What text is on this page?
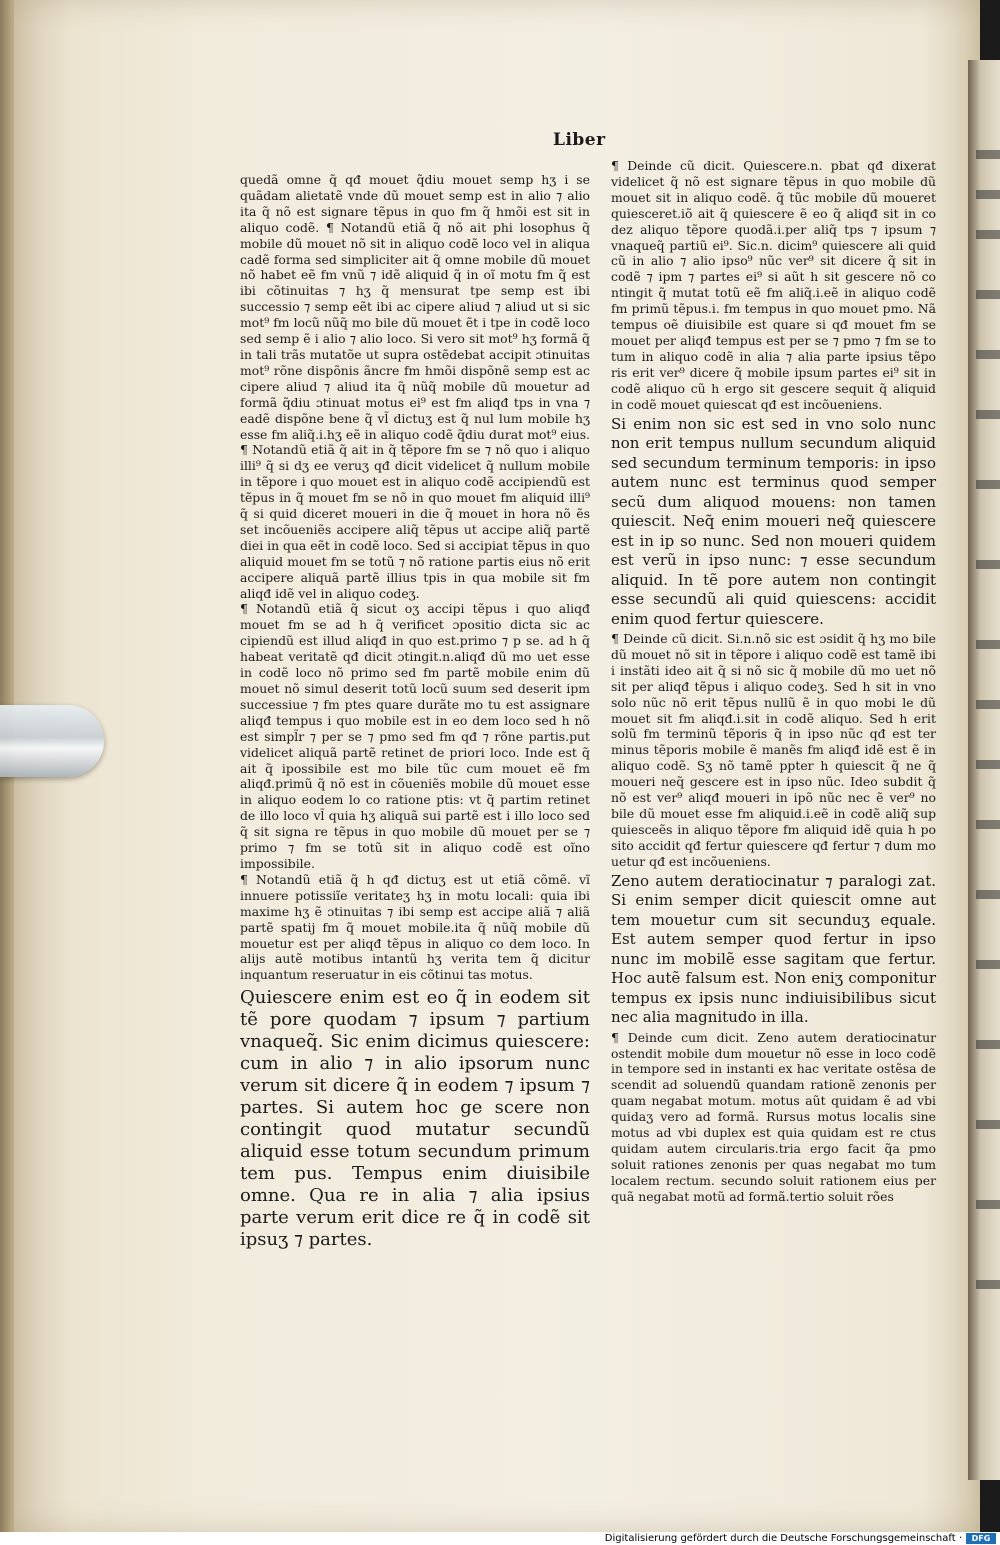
Liber

quedã omne q̃ qđ mouet q̃diu mouet semp hʒ i se quãdam alietatẽ vnde dũ mouet semp est in alio ⁊ alio ita q̃ nõ est signare tẽpus in quo fm q̃ hmõi est sit in aliquo codẽ. ¶ Notandũ etiã q̃ nõ ait phi losophus q̃ mobile dũ mouet nõ sit in aliquo codẽ loco vel in aliqua cadẽ forma sed simpliciter ait q̃ omne mobile dũ mouet nõ habet eẽ fm vnũ ⁊ idẽ aliquid q̃ in oĩ motu fm q̃ est ibi cõtinuitas ⁊ hʒ q̃ mensurat tpe semp est ibi successio ⁊ semp eẽt ibi ac cipere aliud ⁊ aliud ut si sic mot⁹ fm locũ nũq̃ mo bile dũ mouet ẽt i tpe in codẽ loco sed semp ẽ i alio ⁊ alio loco. Si vero sit mot⁹ hʒ formã q̃ in tali trãs mutatõe ut supra ostẽdebat accipit ɔtinuitas mot⁹ rõne dispõnis ãncre fm hmõi dispõnẽ semp est ac cipere aliud ⁊ aliud ita q̃ nũq̃ mobile dũ mouetur ad formã q̃diu ɔtinuat motus ei⁹ est fm aliqđ tps in vna ⁊ eadẽ dispõne bene q̃ vl̃ dictuʒ est q̃ nul lum mobile hʒ esse fm aliq̃.i.hʒ eẽ in aliquo codẽ q̃diu durat mot⁹ eius. ¶ Notandũ etiã q̃ ait in q̃ tẽpore fm se ⁊ nõ quo i aliquo illi⁹ q̃ si dʒ ee veruʒ qđ dicit videlicet q̃ nullum mobile in tẽpore i quo mouet est in aliquo codẽ accipiendũ est tẽpus in q̃ mouet fm se nõ in quo mouet fm aliquid illi⁹ q̃ si quid diceret moueri in die q̃ mouet in hora nõ ẽs set incõueniẽs accipere aliq̃ tẽpus ut accipe aliq̃ partẽ diei in qua eẽt in codẽ loco. Sed si accipiat tẽpus in quo aliquid mouet fm se totũ ⁊ nõ ratione partis eius nõ erit accipere aliquã partẽ illius tpis in qua mobile sit fm aliqđ idẽ vel in aliquo codeʒ.

¶ Notandũ etiã q̃ sicut oʒ accipi tẽpus i quo aliqđ mouet fm se ad h q̃ verificet ɔpositio dicta sic ac cipiendũ est illud aliqđ in quo est.primo ⁊ p se. ad h q̃ habeat veritatẽ qđ dicit ɔtingit.n.aliqđ dũ mo uet esse in codẽ loco nõ primo sed fm partẽ mobile enim dũ mouet nõ simul deserit totũ locũ suum sed deserit ipm successiue ⁊ fm ptes quare durãte mo tu est assignare aliqđ tempus i quo mobile est in eo dem loco sed h nõ est simpl̃r ⁊ per se ⁊ pmo sed fm qđ ⁊ rõne partis.put videlicet aliquã partẽ retinet de priori loco. Inde est q̃ ait q̃ ipossibile est mo bile tũc cum mouet eẽ fm aliqđ.primũ q̃ nõ est in cõueniẽs mobile dũ mouet esse in aliquo eodem lo co ratione ptis: vt q̃ partim retinet de illo loco vl̃ quia hʒ aliquã sui partẽ est i illo loco sed q̃ sit signa re tẽpus in quo mobile dũ mouet per se ⁊ primo ⁊ fm se totũ sit in aliquo codẽ est oĩno impossibile.

¶ Notandũ etiã q̃ h qđ dictuʒ est ut etiã cõmẽ. vĩ innuere potissiĩe veritateʒ hʒ in motu locali: quia ibi maxime hʒ ẽ ɔtinuitas ⁊ ibi semp est accipe aliã ⁊ aliã partẽ spatij fm q̃ mouet mobile.ita q̃ nũq̃ mobile dũ mouetur est per aliqđ tẽpus in aliquo co dem loco. In alijs autẽ motibus intantũ hʒ verita tem q̃ dicitur inquantum reseruatur in eis cõtinui tas motus.

Quiescere enim est eo q̃ in eodem sit tẽ pore quodam ⁊ ipsum ⁊ partium vnaqueq̃. Sic enim dicimus quiescere: cum in alio ⁊ in alio ipsorum nunc verum sit dicere q̃ in eodem ⁊ ipsum ⁊ partes. Si autem hoc ge scere non contingit quod mutatur secundũ aliquid esse totum secundum primum tem pus. Tempus enim diuisibile omne. Qua re in alia ⁊ alia ipsius parte verum erit dice re q̃ in codẽ sit ipsuʒ ⁊ partes.

¶ Deinde cũ dicit. Quiescere.n. pbat qđ dixerat videlicet q̃ nõ est signare tẽpus in quo mobile dũ mouet sit in aliquo codẽ. q̃ tũc mobile dũ moueret quiesceret.iõ ait q̃ quiescere ẽ eo q̃ aliqđ sit in co dez aliquo tẽpore quodã.i.per aliq̃ tps ⁊ ipsum ⁊ vnaqueq̃ partiũ ei⁹. Sic.n. dicim⁹ quiescere ali quid cũ in alio ⁊ alio ipso⁹ nũc ver⁹ sit dicere q̃ sit in codẽ ⁊ ipm ⁊ partes ei⁹ si aũt h sit gescere nõ co ntingit q̃ mutat totũ eẽ fm aliq̃.i.eẽ in aliquo codẽ fm primũ tẽpus.i. fm tempus in quo mouet pmo. Nã tempus oẽ diuisibile est quare si qđ mouet fm se mouet per aliqđ tempus est per se ⁊ pmo ⁊ fm se to tum in aliquo codẽ in alia ⁊ alia parte ipsius tẽpo ris erit ver⁹ dicere q̃ mobile ipsum partes ei⁹ sit in codẽ aliquo cũ h ergo sit gescere sequit q̃ aliquid in codẽ mouet quiescat qđ est incõueniens.

Si enim non sic est sed in vno solo nunc non erit tempus nullum secundum aliquid sed secundum terminum temporis: in ipso autem nunc est terminus quod semper secũ dum aliquod mouens: non tamen quiescit. Neq̃ enim moueri neq̃ quiescere est in ip so nunc. Sed non moueri quidem est verũ in ipso nunc: ⁊ esse secundum aliquid. In tẽ pore autem non contingit esse secundũ ali quid quiescens: accidit enim quod fertur quiescere.

¶ Deinde cũ dicit. Si.n.nõ sic est ɔsidit q̃ hʒ mo bile dũ mouet nõ sit in tẽpore i aliquo codẽ est tamẽ ibi i instãti ideo ait q̃ si nõ sic q̃ mobile dũ mo uet nõ sit per aliqđ tẽpus i aliquo codeʒ. Sed h sit in vno solo nũc nõ erit tẽpus nullũ ẽ in quo mobi le dũ mouet sit fm aliqđ.i.sit in codẽ aliquo. Sed h erit solũ fm terminũ tẽporis q̃ in ipso nũc qđ est ter minus tẽporis mobile ẽ manẽs fm aliqđ idẽ est ẽ in aliquo codẽ. Sʒ nõ tamẽ ppter h quiescit q̃ ne q̃ moueri neq̃ gescere est in ipso nũc. Ideo subdit q̃ nõ est ver⁹ aliqđ moueri in ipõ nũc nec ẽ ver⁹ no bile dũ mouet esse fm aliquid.i.eẽ in codẽ aliq̃ sup quiesceẽs in aliquo tẽpore fm aliquid idẽ quia h po sito accidit qđ fertur quiescere qđ fertur ⁊ dum mo uetur qđ est incõueniens.

Zeno autem deratiocinatur ⁊ paralogi zat. Si enim semper dicit quiescit omne aut tem mouetur cum sit secunduʒ equale. Est autem semper quod fertur in ipso nunc im mobilẽ esse sagitam que fertur. Hoc autẽ falsum est. Non eniʒ componitur tempus ex ipsis nunc indiuisibilibus sicut nec alia magnitudo in illa.

¶ Deinde cum dicit. Zeno autem deratiocinatur ostendit mobile dum mouetur nõ esse in loco codẽ in tempore sed in instanti ex hac veritate ostẽsa de scendit ad soluendũ quandam rationẽ zenonis per quam negabat motum. motus aũt quidam ẽ ad vbi quidaʒ vero ad formã. Rursus motus localis sine motus ad vbi duplex est quia quidam est re ctus quidam autem circularis.tria ergo facit q̃a pmo soluit rationes zenonis per quas negabat mo tum localem rectum. secundo soluit rationem eius per quã negabat motũ ad formã.tertio soluit rões

Digitalisierung gefördert durch die Deutsche Forschungsgemeinschaft ·	DFG
